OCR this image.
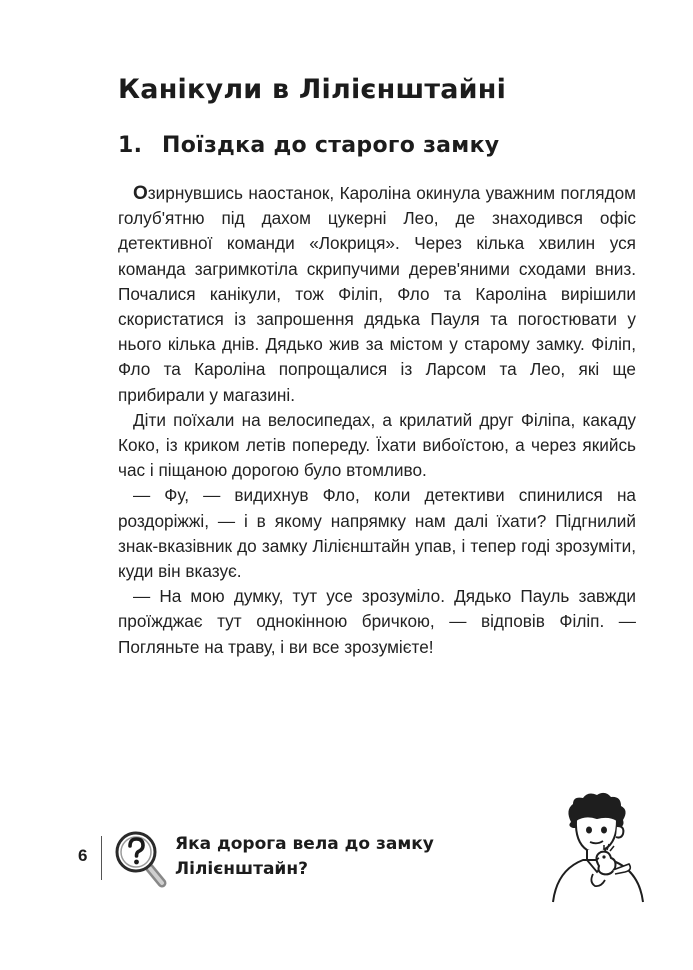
Канікули в Лілієнштайні
1. Поїздка до старого замку

Озирнувшись наостанок, Кароліна окинула уважним поглядом голуб'ятню під дахом цукерні Лео, де знаходився офіс детективної команди «Локриця». Через кілька хвилин уся команда загримкотіла скрипучими дерев'яними сходами вниз. Почалися канікули, тож Філіп, Фло та Кароліна вирішили скористатися із запрошення дядька Пауля та погостювати у нього кілька днів. Дядько жив за містом у старому замку. Філіп, Фло та Кароліна попрощалися із Ларсом та Лео, які ще прибирали у магазині.

Діти поїхали на велосипедах, а крилатий друг Філіпа, какаду Коко, із криком летів попереду. Їхати вибоїстою, а через якийсь час і піщаною дорогою було втомливо.

— Фу, — видихнув Фло, коли детективи спинилися на роздоріжжі, — і в якому напрямку нам далі їхати? Підгнилий знак-вказівник до замку Лілієнштайн упав, і тепер годі зрозуміти, куди він вказує.

— На мою думку, тут усе зрозуміло. Дядько Пауль завжди проїжджає тут однокінною бричкою, — відповів Філіп. — Погляньте на траву, і ви все зрозумієте!

6
Яка дорога вела до замку
Лілієнштайн?
